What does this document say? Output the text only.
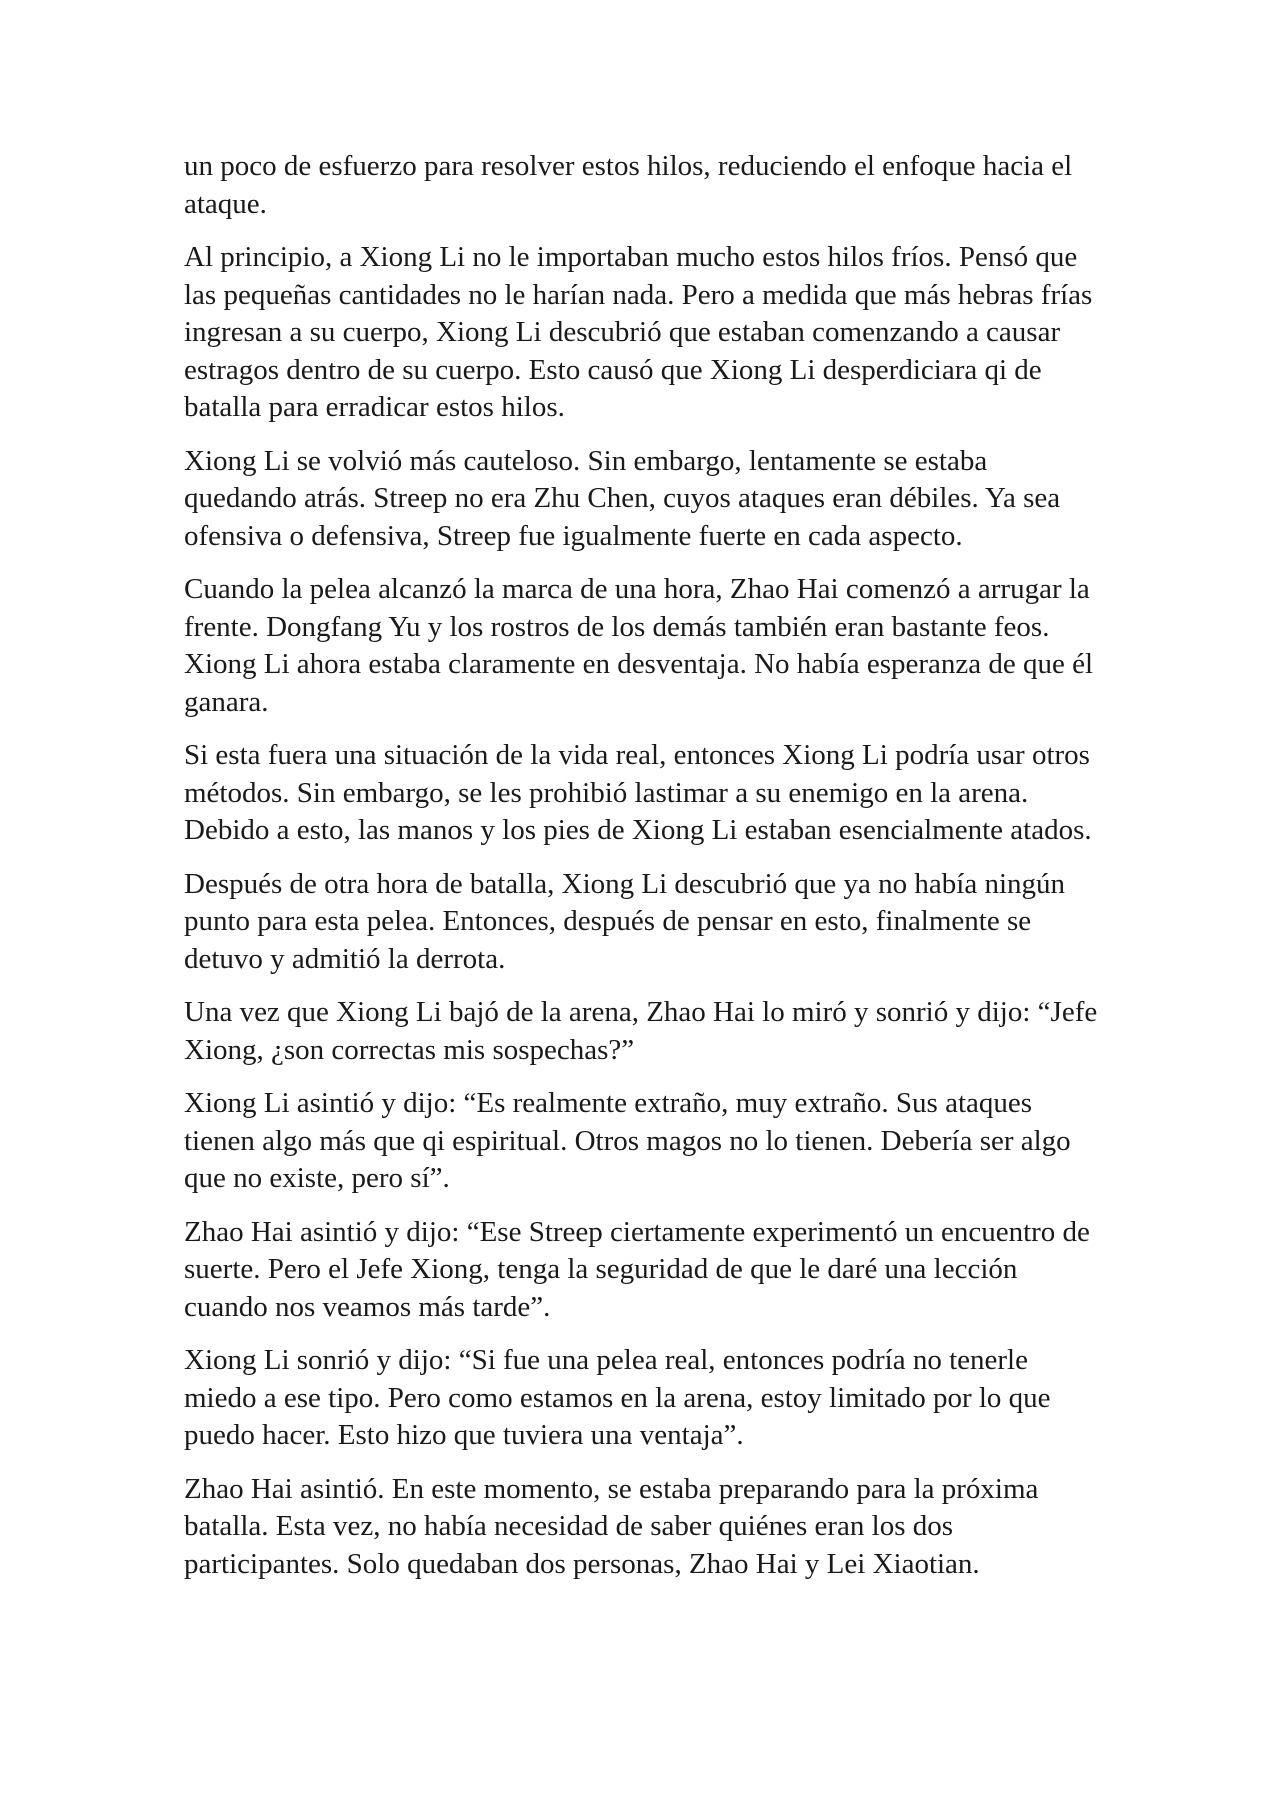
un poco de esfuerzo para resolver estos hilos, reduciendo el enfoque hacia el ataque.

Al principio, a Xiong Li no le importaban mucho estos hilos fríos. Pensó que las pequeñas cantidades no le harían nada. Pero a medida que más hebras frías ingresan a su cuerpo, Xiong Li descubrió que estaban comenzando a causar estragos dentro de su cuerpo. Esto causó que Xiong Li desperdiciara qi de batalla para erradicar estos hilos.

Xiong Li se volvió más cauteloso. Sin embargo, lentamente se estaba quedando atrás. Streep no era Zhu Chen, cuyos ataques eran débiles. Ya sea ofensiva o defensiva, Streep fue igualmente fuerte en cada aspecto.

Cuando la pelea alcanzó la marca de una hora, Zhao Hai comenzó a arrugar la frente. Dongfang Yu y los rostros de los demás también eran bastante feos. Xiong Li ahora estaba claramente en desventaja. No había esperanza de que él ganara.

Si esta fuera una situación de la vida real, entonces Xiong Li podría usar otros métodos. Sin embargo, se les prohibió lastimar a su enemigo en la arena. Debido a esto, las manos y los pies de Xiong Li estaban esencialmente atados.

Después de otra hora de batalla, Xiong Li descubrió que ya no había ningún punto para esta pelea. Entonces, después de pensar en esto, finalmente se detuvo y admitió la derrota.

Una vez que Xiong Li bajó de la arena, Zhao Hai lo miró y sonrió y dijo: “Jefe Xiong, ¿son correctas mis sospechas?”

Xiong Li asintió y dijo: “Es realmente extraño, muy extraño. Sus ataques tienen algo más que qi espiritual. Otros magos no lo tienen. Debería ser algo que no existe, pero sí”.

Zhao Hai asintió y dijo: “Ese Streep ciertamente experimentó un encuentro de suerte. Pero el Jefe Xiong, tenga la seguridad de que le daré una lección cuando nos veamos más tarde”.

Xiong Li sonrió y dijo: “Si fue una pelea real, entonces podría no tenerle miedo a ese tipo. Pero como estamos en la arena, estoy limitado por lo que puedo hacer. Esto hizo que tuviera una ventaja”.

Zhao Hai asintió. En este momento, se estaba preparando para la próxima batalla. Esta vez, no había necesidad de saber quiénes eran los dos participantes. Solo quedaban dos personas, Zhao Hai y Lei Xiaotian.
